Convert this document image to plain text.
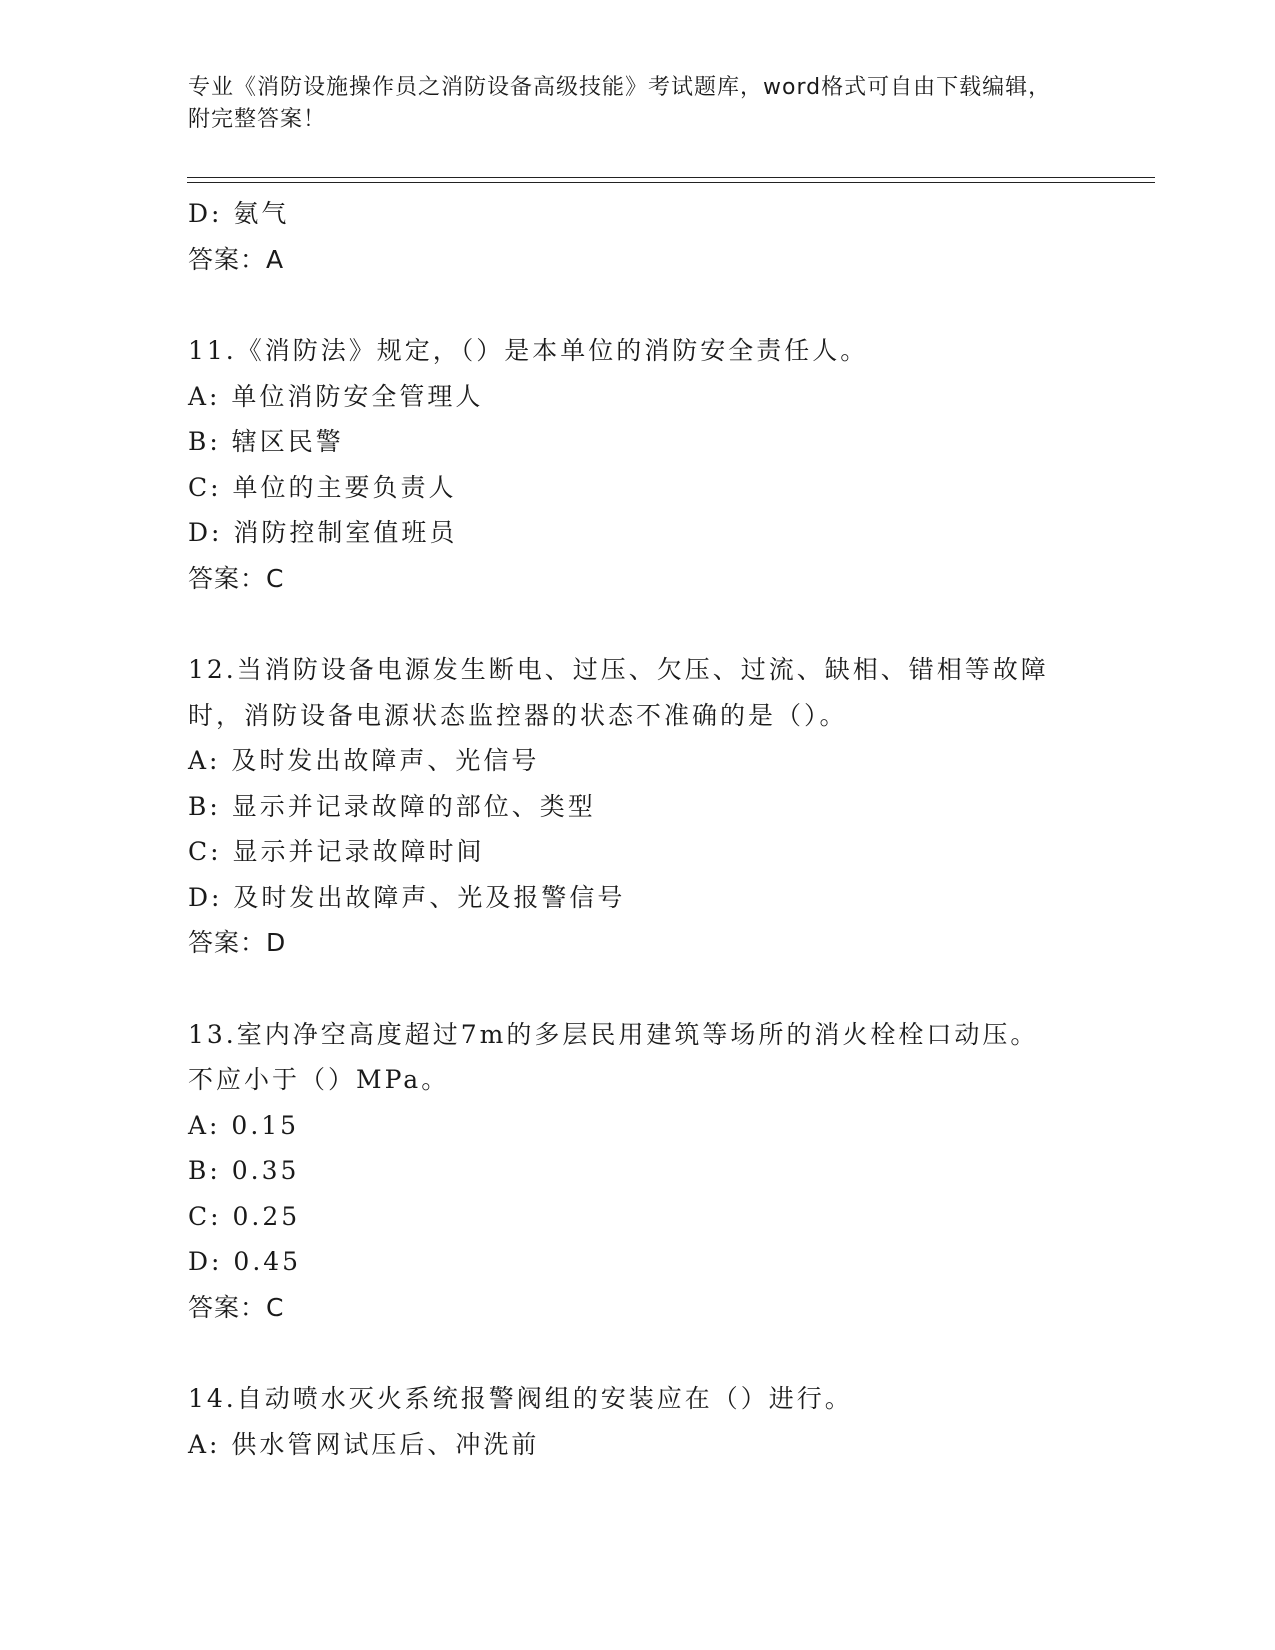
专业《消防设施操作员之消防设备高级技能》考试题库，word格式可自由下载编辑，附完整答案！
D: 氨气
答案：A
11.《消防法》规定，（）是本单位的消防安全责任人。
A: 单位消防安全管理人
B: 辖区民警
C: 单位的主要负责人
D: 消防控制室值班员
答案：C
12.当消防设备电源发生断电、过压、欠压、过流、缺相、错相等故障
时，消防设备电源状态监控器的状态不准确的是（）。
A: 及时发出故障声、光信号
B: 显示并记录故障的部位、类型
C: 显示并记录故障时间
D: 及时发出故障声、光及报警信号
答案：D
13.室内净空高度超过7m的多层民用建筑等场所的消火栓栓口动压。
不应小于（）MPa。
A: 0.15
B: 0.35
C: 0.25
D: 0.45
答案：C
14.自动喷水灭火系统报警阀组的安装应在（）进行。
A: 供水管网试压后、冲洗前
